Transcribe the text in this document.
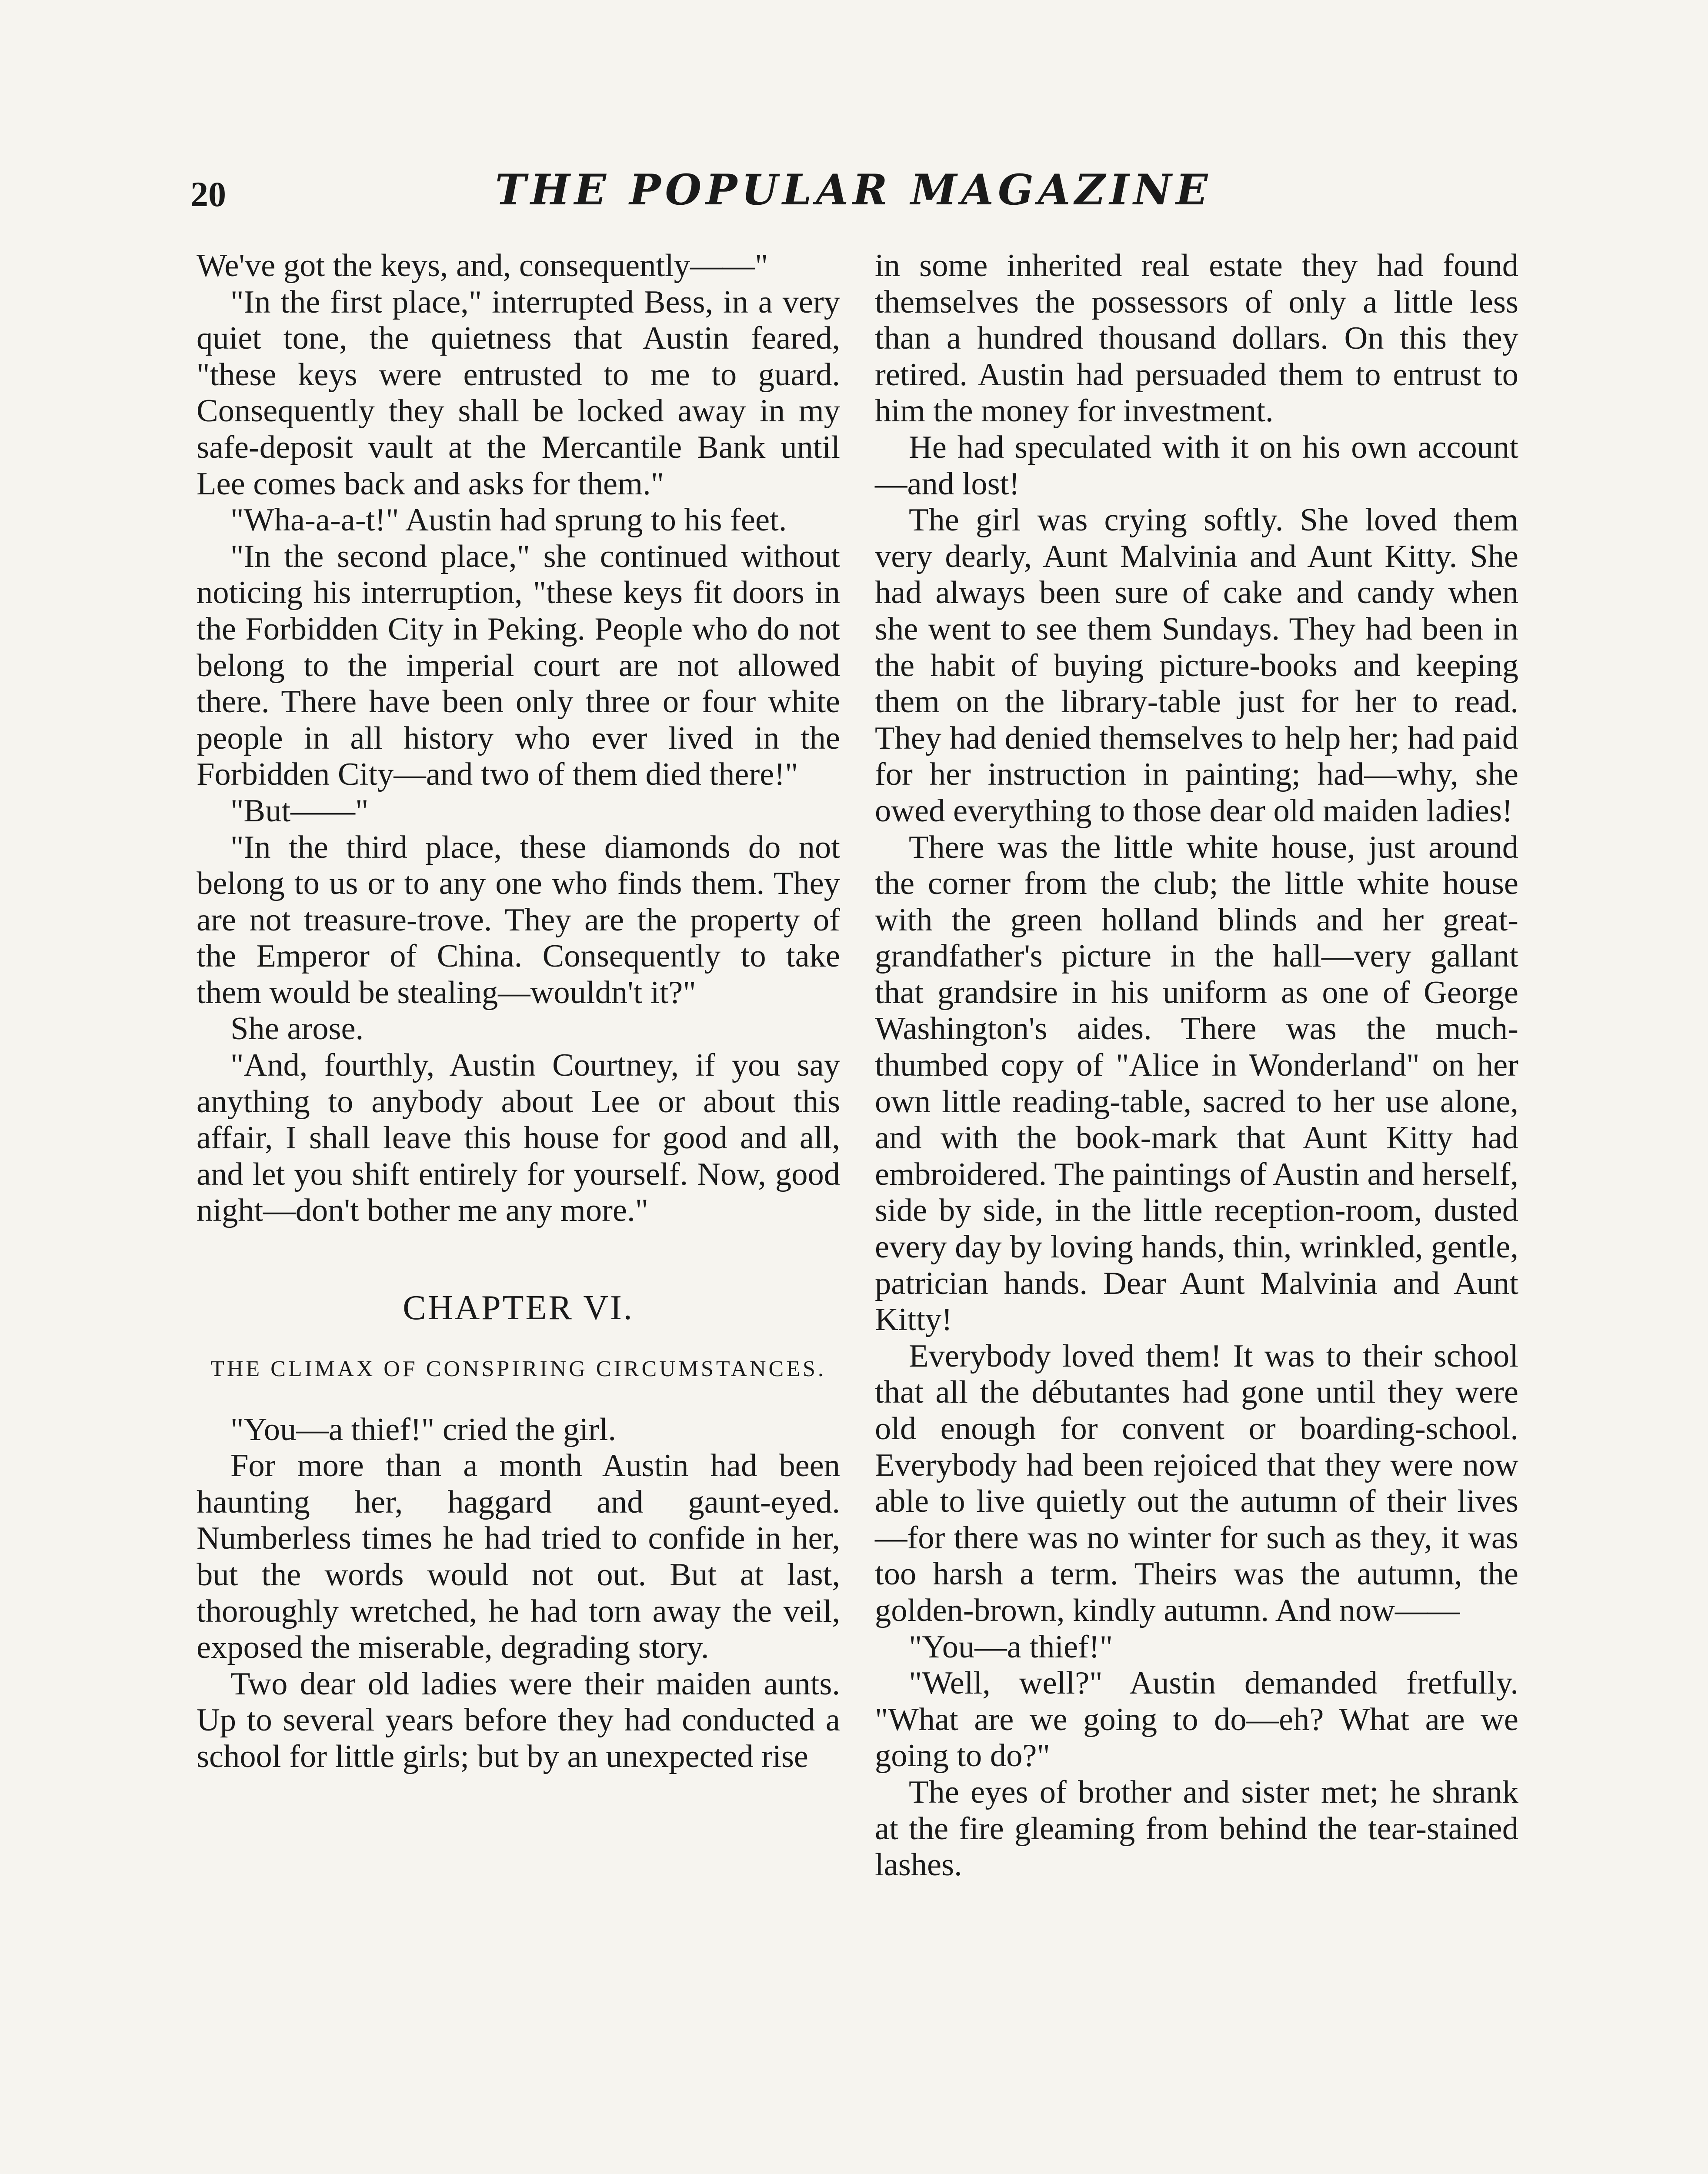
20	THE POPULAR MAGAZINE

We've got the keys, and, consequently——"

"In the first place," interrupted Bess, in a very quiet tone, the quietness that Austin feared, "these keys were entrusted to me to guard. Consequently they shall be locked away in my safe-deposit vault at the Mercantile Bank until Lee comes back and asks for them."

"Wha-a-a-t!" Austin had sprung to his feet.

"In the second place," she continued without noticing his interruption, "these keys fit doors in the Forbidden City in Peking. People who do not belong to the imperial court are not allowed there. There have been only three or four white people in all history who ever lived in the Forbidden City—and two of them died there!"

"But——"

"In the third place, these diamonds do not belong to us or to any one who finds them. They are not treasure-trove. They are the property of the Emperor of China. Consequently to take them would be stealing—wouldn't it?"

She arose.

"And, fourthly, Austin Courtney, if you say anything to anybody about Lee or about this affair, I shall leave this house for good and all, and let you shift entirely for yourself. Now, good night—don't bother me any more."

CHAPTER VI.
THE CLIMAX OF CONSPIRING CIRCUMSTANCES.

"You—a thief!" cried the girl.

For more than a month Austin had been haunting her, haggard and gaunt-eyed. Numberless times he had tried to confide in her, but the words would not out. But at last, thoroughly wretched, he had torn away the veil, exposed the miserable, degrading story.

Two dear old ladies were their maiden aunts. Up to several years before they had conducted a school for little girls; but by an unexpected rise

in some inherited real estate they had found themselves the possessors of only a little less than a hundred thousand dollars. On this they retired. Austin had persuaded them to entrust to him the money for investment.

He had speculated with it on his own account—and lost!

The girl was crying softly. She loved them very dearly, Aunt Malvinia and Aunt Kitty. She had always been sure of cake and candy when she went to see them Sundays. They had been in the habit of buying picture-books and keeping them on the library-table just for her to read. They had denied themselves to help her; had paid for her instruction in painting; had—why, she owed everything to those dear old maiden ladies!

There was the little white house, just around the corner from the club; the little white house with the green holland blinds and her great-grandfather's picture in the hall—very gallant that grandsire in his uniform as one of George Washington's aides. There was the much-thumbed copy of "Alice in Wonderland" on her own little reading-table, sacred to her use alone, and with the book-mark that Aunt Kitty had embroidered. The paintings of Austin and herself, side by side, in the little reception-room, dusted every day by loving hands, thin, wrinkled, gentle, patrician hands. Dear Aunt Malvinia and Aunt Kitty!

Everybody loved them! It was to their school that all the débutantes had gone until they were old enough for convent or boarding-school. Everybody had been rejoiced that they were now able to live quietly out the autumn of their lives—for there was no winter for such as they, it was too harsh a term. Theirs was the autumn, the golden-brown, kindly autumn. And now——

"You—a thief!"

"Well, well?" Austin demanded fretfully. "What are we going to do—eh? What are we going to do?"

The eyes of brother and sister met; he shrank at the fire gleaming from behind the tear-stained lashes.
